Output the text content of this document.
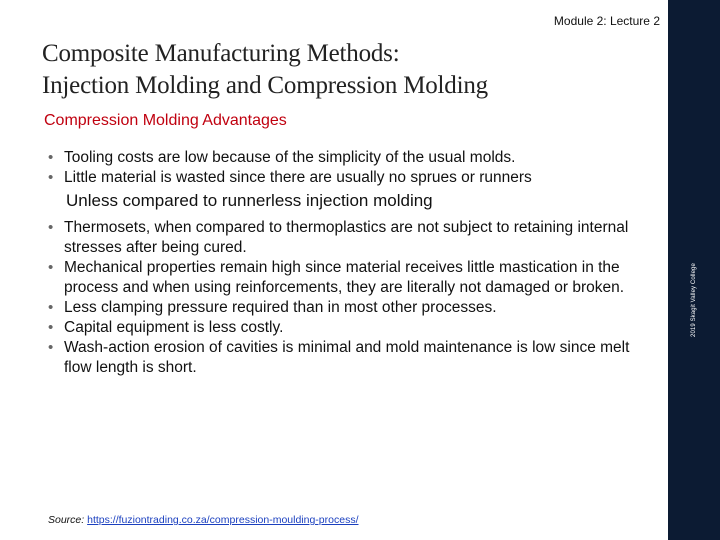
Module 2: Lecture 2
Composite Manufacturing Methods:
Injection Molding and Compression Molding
Compression Molding Advantages
• Tooling costs are low because of the simplicity of the usual molds.
• Little material is wasted since there are usually no sprues or runners
Unless compared to runnerless injection molding
• Thermosets, when compared to thermoplastics are not subject to retaining internal stresses after being cured.
• Mechanical properties remain high since material receives little mastication in the process and when using reinforcements, they are literally not damaged or broken.
• Less clamping pressure required than in most other processes.
• Capital equipment is less costly.
• Wash-action erosion of cavities is minimal and mold maintenance is low since melt flow length is short.
Source: https://fuziontrading.co.za/compression-moulding-process/
2019 Skagit Valley College
